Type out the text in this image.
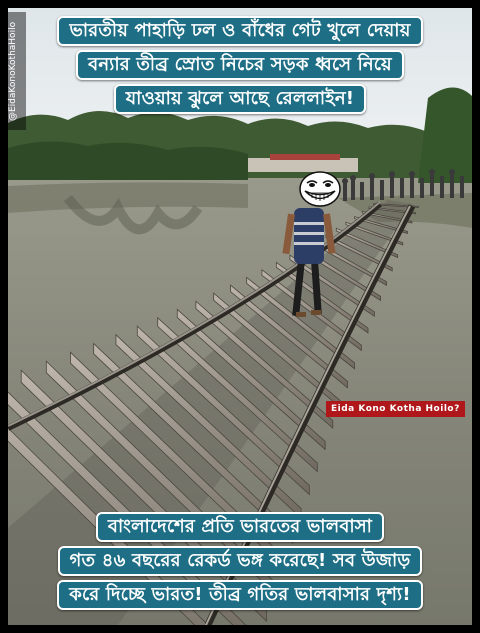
@EidaKonoKothaHoilo	ভারতীয় পাহাড়ি ঢল ও বাঁধের গেট খুলে দেয়ায়
বন্যার তীব্র স্রোত নিচের সড়ক ধ্বসে নিয়ে
যাওয়ায় ঝুলে আছে রেললাইন!
Eida Kono Kotha Hoilo?
বাংলাদেশের প্রতি ভারতের ভালবাসা
গত ৪৬ বছরের রেকর্ড ভঙ্গ করেছে! সব উজাড়
করে দিচ্ছে ভারত! তীব্র গতির ভালবাসার দৃশ্য!
